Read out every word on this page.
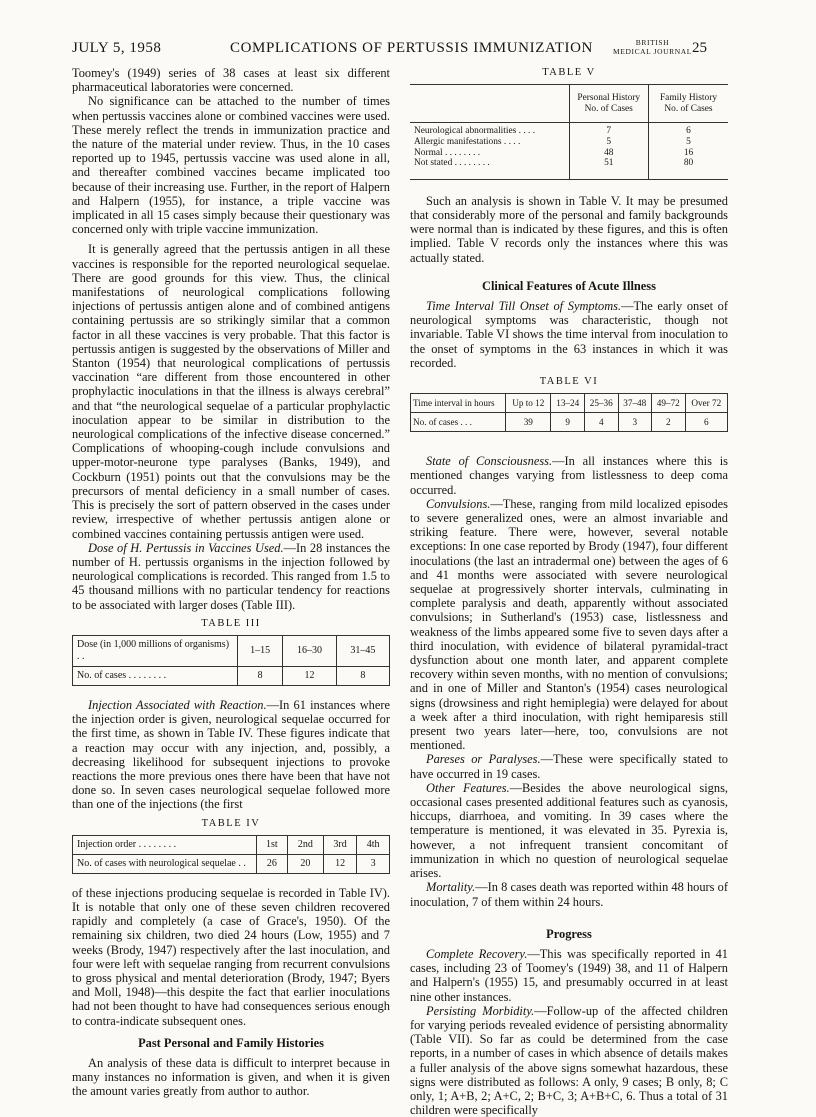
JULY 5, 1958	COMPLICATIONS OF PERTUSSIS IMMUNIZATION	BRITISH
MEDICAL JOURNAL 25

Toomey's (1949) series of 38 cases at least six different pharmaceutical laboratories were concerned.

No significance can be attached to the number of times when pertussis vaccines alone or combined vaccines were used. These merely reflect the trends in immunization practice and the nature of the material under review. Thus, in the 10 cases reported up to 1945, pertussis vaccine was used alone in all, and thereafter combined vaccines became implicated too because of their increasing use. Further, in the report of Halpern and Halpern (1955), for instance, a triple vaccine was implicated in all 15 cases simply because their questionary was concerned only with triple vaccine immunization.

It is generally agreed that the pertussis antigen in all these vaccines is responsible for the reported neurological sequelae. There are good grounds for this view. Thus, the clinical manifestations of neurological complications following injections of pertussis antigen alone and of combined antigens containing pertussis are so strikingly similar that a common factor in all these vaccines is very probable. That this factor is pertussis antigen is suggested by the observations of Miller and Stanton (1954) that neurological complications of pertussis vaccination “are different from those encountered in other prophylactic inoculations in that the illness is always cerebral” and that “the neurological sequelae of a particular prophylactic inoculation appear to be similar in distribution to the neurological complications of the infective disease concerned.” Complications of whooping-cough include convulsions and upper-motor-neurone type paralyses (Banks, 1949), and Cockburn (1951) points out that the convulsions may be the precursors of mental deficiency in a small number of cases. This is precisely the sort of pattern observed in the cases under review, irrespective of whether pertussis antigen alone or combined vaccines containing pertussis antigen were used.

Dose of H. Pertussis in Vaccines Used.—In 28 instances the number of H. pertussis organisms in the injection followed by neurological complications is recorded. This ranged from 1.5 to 45 thousand millions with no particular tendency for reactions to be associated with larger doses (Table III).

TABLE III
Dose (in 1,000 millions of organisms) . .	1–15	16–30	31–45
No. of cases . . . . . . . .	8	12	8

Injection Associated with Reaction.—In 61 instances where the injection order is given, neurological sequelae occurred for the first time, as shown in Table IV. These figures indicate that a reaction may occur with any injection, and, possibly, a decreasing likelihood for subsequent injections to provoke reactions the more previous ones there have been that have not done so. In seven cases neurological sequelae followed more than one of the injections (the first

TABLE IV
Injection order . . . . . . . .	1st	2nd	3rd	4th
No. of cases with neurological sequelae . .	26	20	12	3

of these injections producing sequelae is recorded in Table IV). It is notable that only one of these seven children recovered rapidly and completely (a case of Grace's, 1950). Of the remaining six children, two died 24 hours (Low, 1955) and 7 weeks (Brody, 1947) respectively after the last inoculation, and four were left with sequelae ranging from recurrent convulsions to gross physical and mental deterioration (Brody, 1947; Byers and Moll, 1948)—this despite the fact that earlier inoculations had not been thought to have had consequences serious enough to contra-indicate subsequent ones.

Past Personal and Family Histories

An analysis of these data is difficult to interpret because in many instances no information is given, and when it is given the amount varies greatly from author to author.

TABLE V
	Personal History No. of Cases	Family History No. of Cases
Neurological abnormalities . . . .	7	6
Allergic manifestations . . . .	5	5
Normal . . . . . . . .	48	16
Not stated . . . . . . . .	51	80

Such an analysis is shown in Table V. It may be presumed that considerably more of the personal and family backgrounds were normal than is indicated by these figures, and this is often implied. Table V records only the instances where this was actually stated.

Clinical Features of Acute Illness

Time Interval Till Onset of Symptoms.—The early onset of neurological symptoms was characteristic, though not invariable. Table VI shows the time interval from inoculation to the onset of symptoms in the 63 instances in which it was recorded.

TABLE VI
Time interval in hours	Up to 12	13–24	25–36	37–48	49–72	Over 72
No. of cases . . .	39	9	4	3	2	6

State of Consciousness.—In all instances where this is mentioned changes varying from listlessness to deep coma occurred.

Convulsions.—These, ranging from mild localized episodes to severe generalized ones, were an almost invariable and striking feature. There were, however, several notable exceptions: In one case reported by Brody (1947), four different inoculations (the last an intradermal one) between the ages of 6 and 41 months were associated with severe neurological sequelae at progressively shorter intervals, culminating in complete paralysis and death, apparently without associated convulsions; in Sutherland's (1953) case, listlessness and weakness of the limbs appeared some five to seven days after a third inoculation, with evidence of bilateral pyramidal-tract dysfunction about one month later, and apparent complete recovery within seven months, with no mention of convulsions; and in one of Miller and Stanton's (1954) cases neurological signs (drowsiness and right hemiplegia) were delayed for about a week after a third inoculation, with right hemiparesis still present two years later—here, too, convulsions are not mentioned.

Pareses or Paralyses.—These were specifically stated to have occurred in 19 cases.

Other Features.—Besides the above neurological signs, occasional cases presented additional features such as cyanosis, hiccups, diarrhoea, and vomiting. In 39 cases where the temperature is mentioned, it was elevated in 35. Pyrexia is, however, a not infrequent transient concomitant of immunization in which no question of neurological sequelae arises.

Mortality.—In 8 cases death was reported within 48 hours of inoculation, 7 of them within 24 hours.

Progress

Complete Recovery.—This was specifically reported in 41 cases, including 23 of Toomey's (1949) 38, and 11 of Halpern and Halpern's (1955) 15, and presumably occurred in at least nine other instances.

Persisting Morbidity.—Follow-up of the affected children for varying periods revealed evidence of persisting abnormality (Table VII). So far as could be determined from the case reports, in a number of cases in which absence of details makes a fuller analysis of the above signs somewhat hazardous, these signs were distributed as follows: A only, 9 cases; B only, 8; C only, 1; A+B, 2; A+C, 2; B+C, 3; A+B+C, 6. Thus a total of 31 children were specifically
